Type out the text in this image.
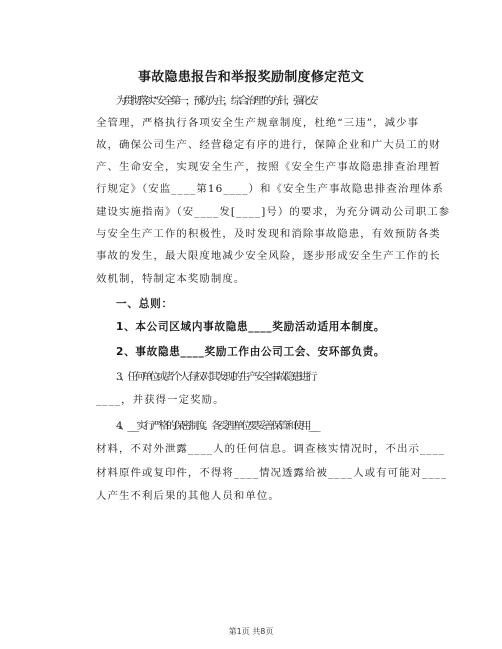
事故隐患报告和举报奖励制度修定范文
为贯彻落实“安全第一，预防为主，综合治理”的方针，强化安
全管理，严格执行各项安全生产规章制度，杜绝“三违”，减少事
故，确保公司生产、经营稳定有序的进行，保障企业和广大员工的财
产、生命安全，实现安全生产，按照《安全生产事故隐患排查治理暂
行规定》（安监____第16____）和《安全生产事故隐患排查治理体系
建设实施指南》（安____发[____]号）的要求，为充分调动公司职工参
与安全生产工作的积极性，及时发现和消除事故隐患，有效预防各类
事故的发生，最大限度地减少安全风险，逐步形成安全生产工作的长
效机制，特制定本奖励制度。
一、总则：
1、本公司区域内事故隐患____奖励活动适用本制度。
2、事故隐患____奖励工作由公司工会、安环部负责。
3、任何单位或者个人有权对其发现的生产安全事故隐患进行
____，并获得一定奖励。
4、____实行严格的保密制度。各受理单位要妥善保管和使用____
材料，不对外泄露____人的任何信息。调查核实情况时，不出示____
材料原件或复印件，不得将____情况透露给被____人或有可能对____
人产生不利后果的其他人员和单位。
第1页 共8页
